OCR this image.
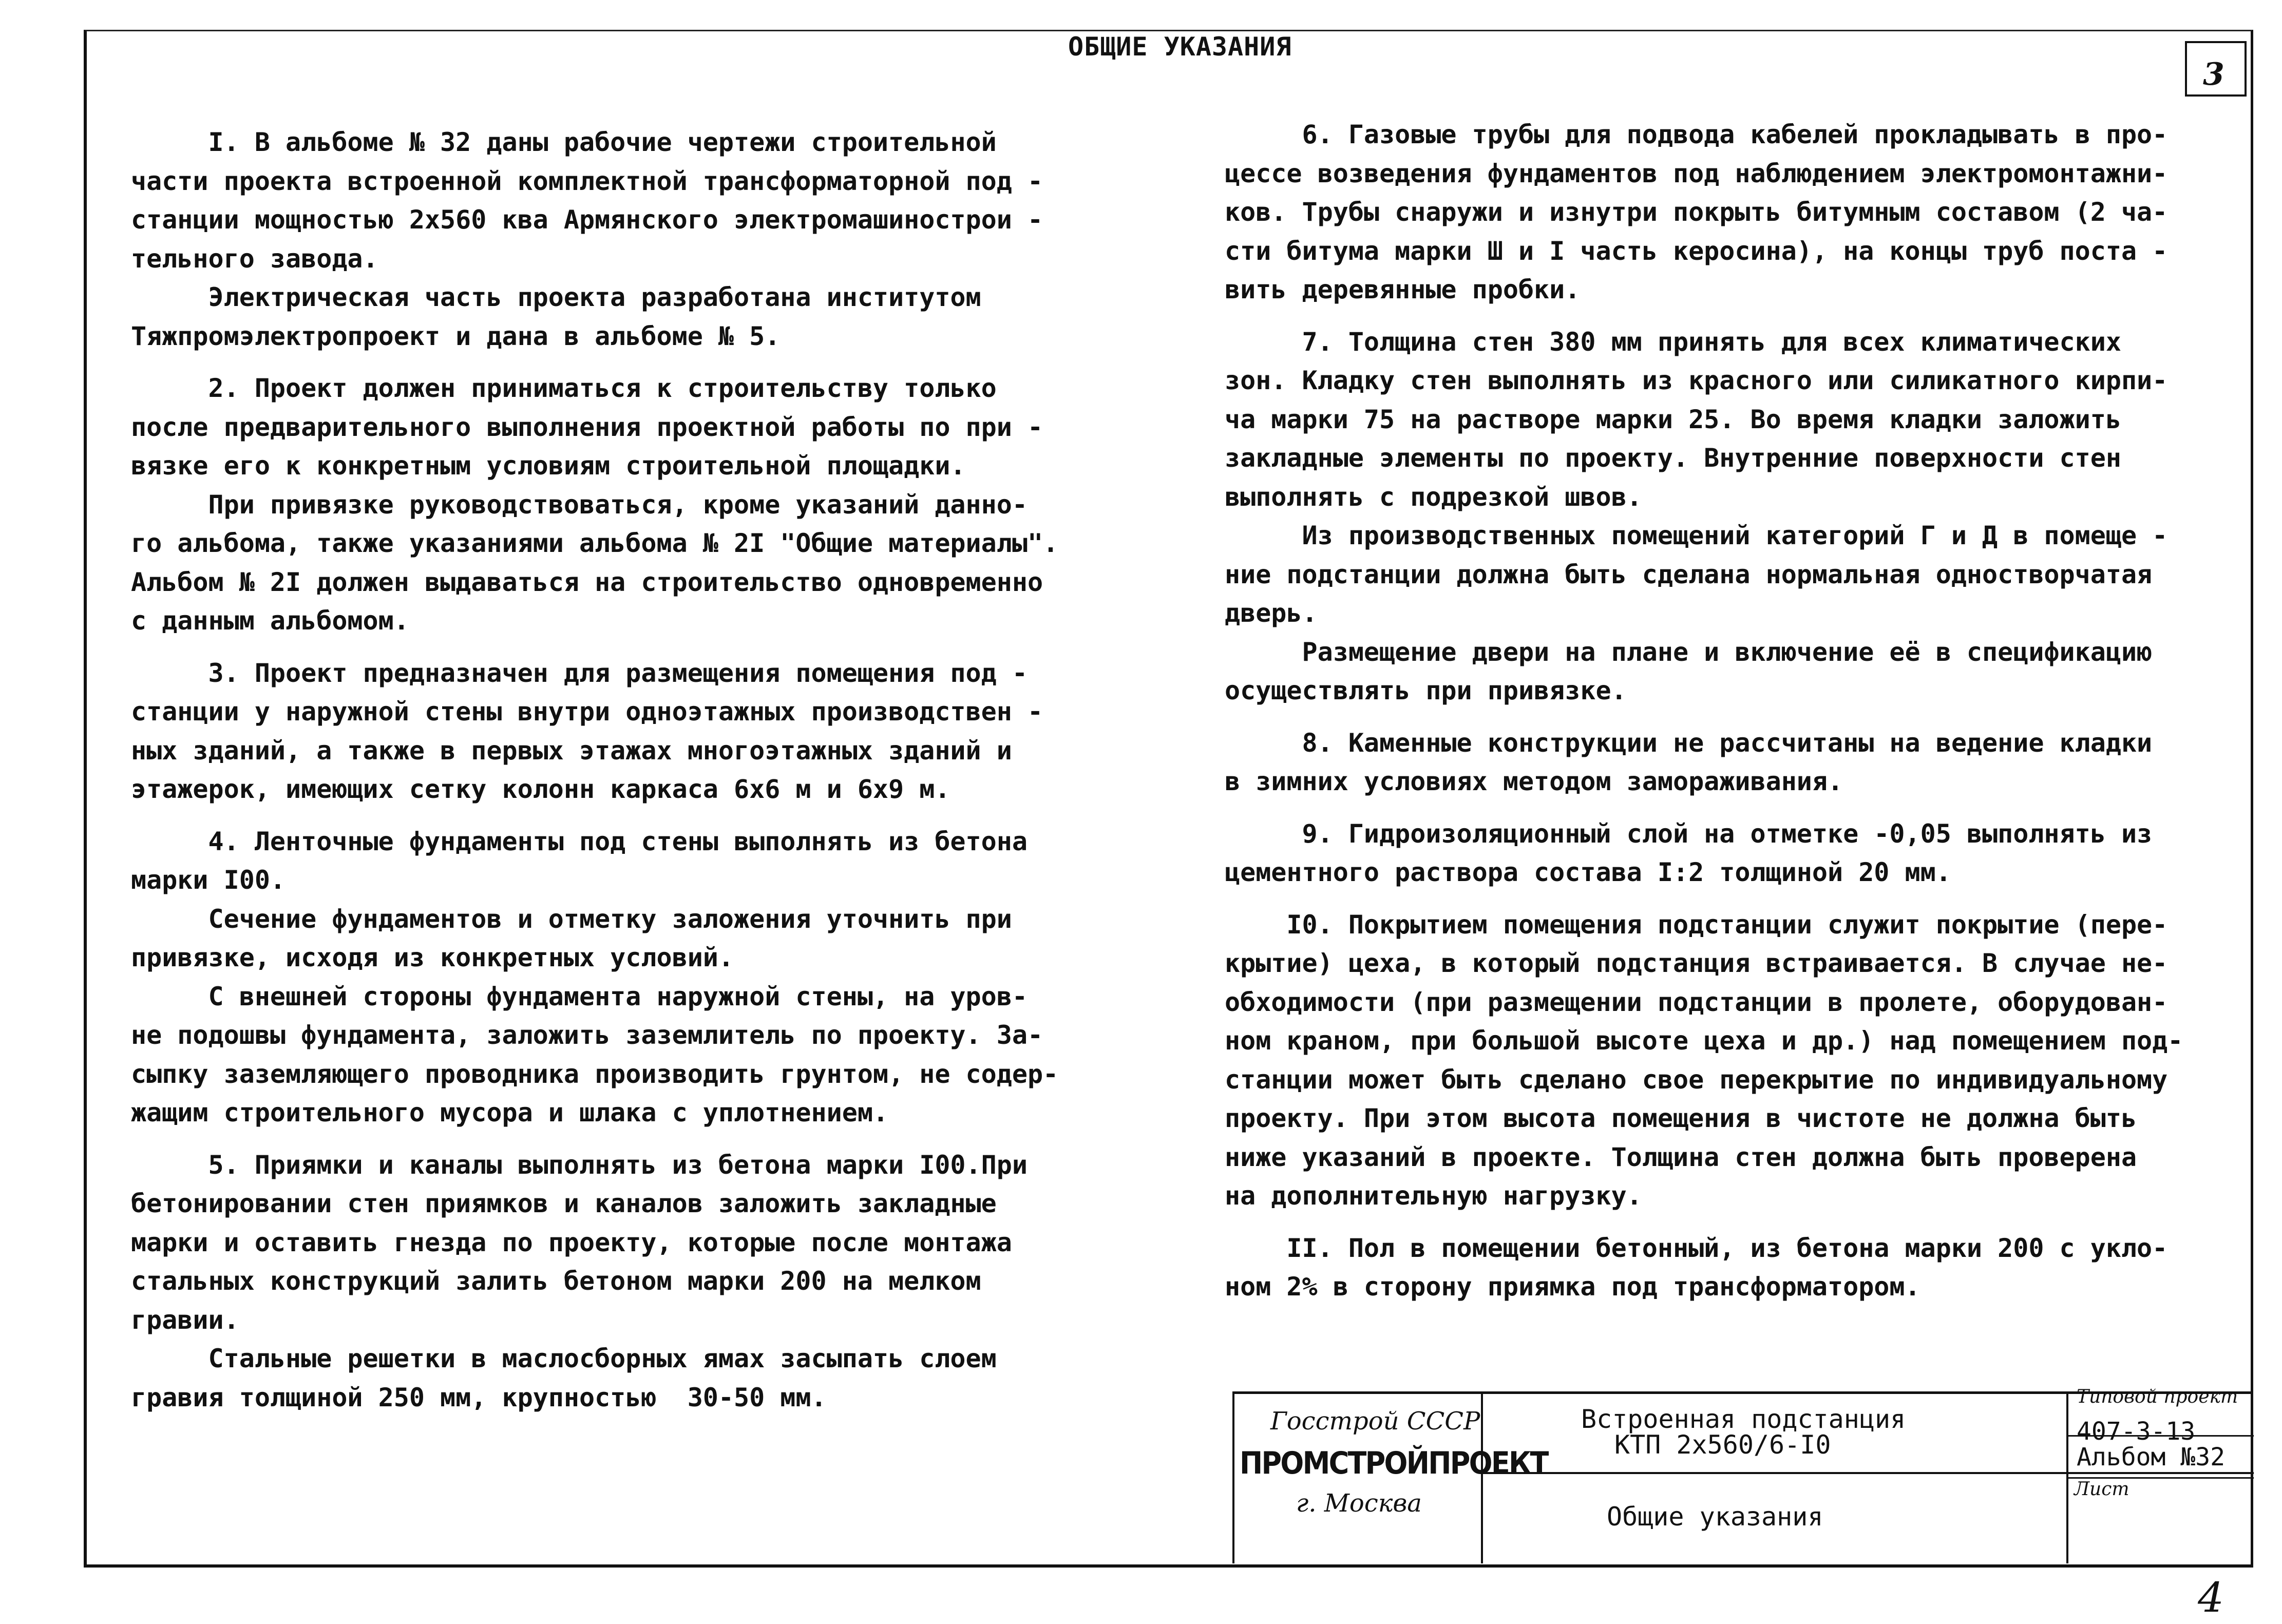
ОБЩИЕ УКАЗАНИЯ
3

I. В альбоме № 32 даны рабочие чертежи строительной

части проекта встроенной комплектной трансформаторной под -

станции мощностью 2х560 ква Армянского электромашинострои -

тельного завода.

Электрическая часть проекта разработана институтом

Тяжпромэлектропроект и дана в альбоме № 5.

2. Проект должен приниматься к строительству только

после предварительного выполнения проектной работы по при -

вязке его к конкретным условиям строительной площадки.

При привязке руководствоваться, кроме указаний данно-

го альбома, также указаниями альбома № 2I "Общие материалы".

Альбом № 2I должен выдаваться на строительство одновременно

с данным альбомом.

3. Проект предназначен для размещения помещения под -

станции у наружной стены внутри одноэтажных производствен -

ных зданий, а также в первых этажах многоэтажных зданий и

этажерок, имеющих сетку колонн каркаса 6х6 м и 6х9 м.

4. Ленточные фундаменты под стены выполнять из бетона

марки I00.

Сечение фундаментов и отметку заложения уточнить при

привязке, исходя из конкретных условий.

С внешней стороны фундамента наружной стены, на уров-

не подошвы фундамента, заложить заземлитель по проекту. За-

сыпку заземляющего проводника производить грунтом, не содер-

жащим строительного мусора и шлака с уплотнением.

5. Приямки и каналы выполнять из бетона марки I00.При

бетонировании стен приямков и каналов заложить закладные

марки и оставить гнезда по проекту, которые после монтажа

стальных конструкций залить бетоном марки 200 на мелком

гравии.

Стальные решетки в маслосборных ямах засыпать слоем

гравия толщиной 250 мм, крупностью  30-50 мм.

6. Газовые трубы для подвода кабелей прокладывать в про-

цессе возведения фундаментов под наблюдением электромонтажни-

ков. Трубы снаружи и изнутри покрыть битумным составом (2 ча-

сти битума марки Ш и I часть керосина), на концы труб поста -

вить деревянные пробки.

7. Толщина стен 380 мм принять для всех климатических

зон. Кладку стен выполнять из красного или силикатного кирпи-

ча марки 75 на растворе марки 25. Во время кладки заложить

закладные элементы по проекту. Внутренние поверхности стен

выполнять с подрезкой швов.

Из производственных помещений категорий Г и Д в помеще -

ние подстанции должна быть сделана нормальная одностворчатая

дверь.

Размещение двери на плане и включение её в спецификацию

осуществлять при привязке.

8. Каменные конструкции не рассчитаны на ведение кладки

в зимних условиях методом замораживания.

9. Гидроизоляционный слой на отметке -0,05 выполнять из

цементного раствора состава I:2 толщиной 20 мм.

I0. Покрытием помещения подстанции служит покрытие (пере-

крытие) цеха, в который подстанция встраивается. В случае не-

обходимости (при размещении подстанции в пролете, оборудован-

ном краном, при большой высоте цеха и др.) над помещением под-

станции может быть сделано свое перекрытие по индивидуальному

проекту. При этом высота помещения в чистоте не должна быть

ниже указаний в проекте. Толщина стен должна быть проверена

на дополнительную нагрузку.

II. Пол в помещении бетонный, из бетона марки 200 с укло-

ном 2% в сторону приямка под трансформатором.

Госстрой СССР
ПРОМСТРОЙПРОЕКТ
г. Москва
Встроенная подстанция
КТП 2х560/6-I0
Общие указания
Типовой проект
407-3-13
Альбом №32
Лист
4
